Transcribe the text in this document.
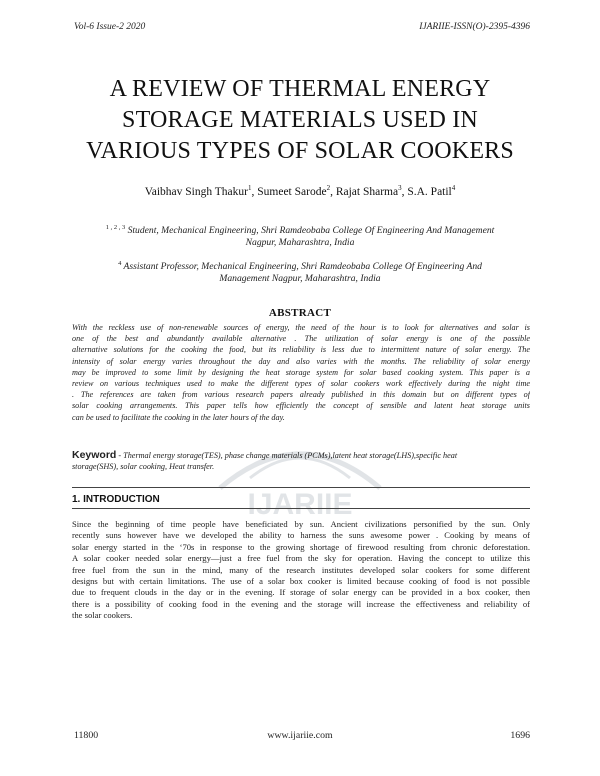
Vol-6 Issue-2 2020	IJARIIE-ISSN(O)-2395-4396
A REVIEW OF THERMAL ENERGY
STORAGE MATERIALS USED IN
VARIOUS TYPES OF SOLAR COOKERS
Vaibhav Singh Thakur$^1$, Sumeet Sarode$^2$, Rajat Sharma$^3$, S.A. Patil$^4$
$^{1 , 2 , 3}$ Student, Mechanical Engineering, Shri Ramdeobaba College Of Engineering And Management
Nagpur, Maharashtra, India
$^4$ Assistant Professor, Mechanical Engineering, Shri Ramdeobaba College Of Engineering And
Management Nagpur, Maharashtra, India
ABSTRACT
With the reckless use of non-renewable sources of energy, the need of the hour is to look for alternatives and solar is
one of the best and abundantly available alternative . The utilization of solar energy is one of the possible
alternative solutions for the cooking the food, but its reliability is less due to intermittent nature of solar energy. The
intensity of solar energy varies throughout the day and also varies with the months. The reliability of solar energy
may be improved to some limit by designing the heat storage system for solar based cooking system. This paper is a
review on various techniques used to make the different types of solar cookers work effectively during the night time
. The references are taken from various research papers already published in this domain but on different types of
solar cooking arrangements. This paper tells how efficiently the concept of sensible and latent heat storage units
can be used to facilitate the cooking in the later hours of the day.
IJARIIE
Keyword - Thermal energy storage(TES), phase change materials (PCMs),latent heat storage(LHS),specific heat
storage(SHS), solar cooking, Heat transfer.
1. INTRODUCTION
Since the beginning of time people have beneficiated by sun. Ancient civilizations personified by the sun. Only
recently suns however have we developed the ability to harness the suns awesome power . Cooking by means of
solar energy started in the ‘70s in response to the growing shortage of firewood resulting from chronic deforestation.
A solar cooker needed solar energy—just a free fuel from the sky for operation. Having the concept to utilize this
free fuel from the sun in the mind, many of the research institutes developed solar cookers for some different
designs but with certain limitations. The use of a solar box cooker is limited because cooking of food is not possible
due to frequent clouds in the day or in the evening. If storage of solar energy can be provided in a box cooker, then
there is a possibility of cooking food in the evening and the storage will increase the effectiveness and reliability of
the solar cookers.
11800	www.ijariie.com	1696
